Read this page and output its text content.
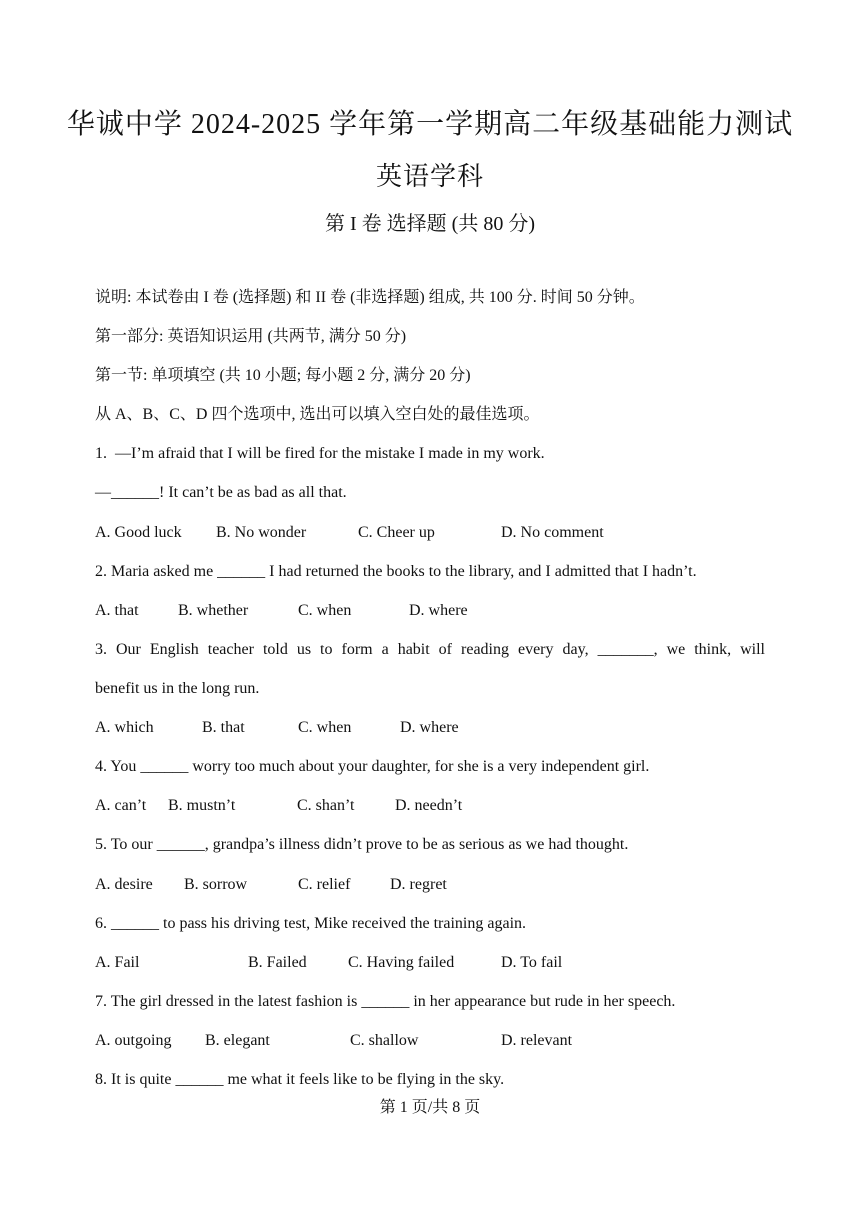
华诚中学 2024-2025 学年第一学期高二年级基础能力测试
英语学科
第 I 卷 选择题 (共 80 分)
说明: 本试卷由 I 卷 (选择题) 和 II 卷 (非选择题) 组成, 共 100 分. 时间 50 分钟。
第一部分: 英语知识运用 (共两节, 满分 50 分)
第一节: 单项填空 (共 10 小题; 每小题 2 分, 满分 20 分)
从 A、B、C、D 四个选项中, 选出可以填入空白处的最佳选项。
1.  —I’m afraid that I will be fired for the mistake I made in my work.
—______! It can’t be as bad as all that.
A. Good luck B. No wonder	C. Cheer up	D. No comment
2. Maria asked me ______ I had returned the books to the library, and I admitted that I hadn’t.
A. that B. whether	C. when	D. where
3. Our English teacher told us to form a habit of reading every day, _______, we think, will
benefit us in the long run.
A. which	B. that	C. when	D. where
4. You ______ worry too much about your daughter, for she is a very independent girl.
A. can’t B. mustn’t	C. shan’t	D. needn’t
5. To our ______, grandpa’s illness didn’t prove to be as serious as we had thought.
A. desire B. sorrow	C. relief D. regret
6. ______ to pass his driving test, Mike received the training again.
A. Fail	B. Failed	C. Having failed	D. To fail
7. The girl dressed in the latest fashion is ______ in her appearance but rude in her speech.
A. outgoing B. elegant	C. shallow	D. relevant
8. It is quite ______ me what it feels like to be flying in the sky.
第 1 页/共 8 页
